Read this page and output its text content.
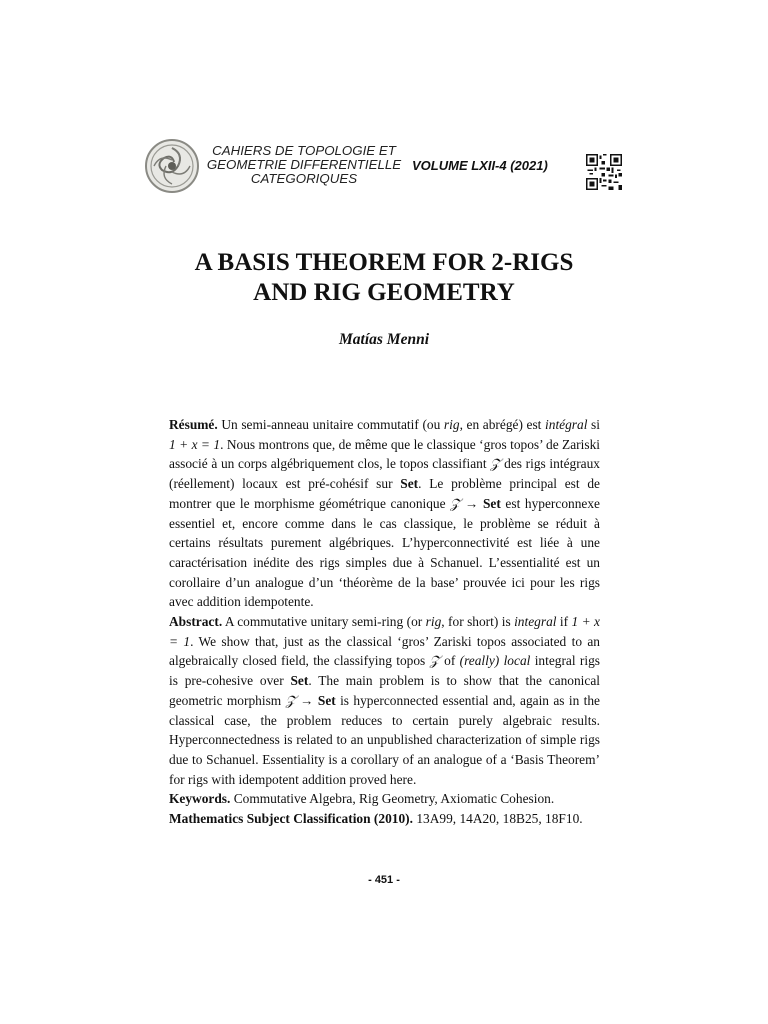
CAHIERS DE TOPOLOGIE ET
GEOMETRIE DIFFERENTIELLE
CATEGORIQUES
VOLUME LXII-4 (2021)
A BASIS THEOREM FOR 2-RIGS
AND RIG GEOMETRY
Matías Menni

Résumé. Un semi-anneau unitaire commutatif (ou rig, en abrégé) est intégral si 1 + x = 1. Nous montrons que, de même que le classique ‘gros topos’ de Zariski associé à un corps algébriquement clos, le topos classifiant 𝒵 des rigs intégraux (réellement) locaux est pré-cohésif sur Set. Le problème principal est de montrer que le morphisme géométrique canonique 𝒵 → Set est hyperconnexe essentiel et, encore comme dans le cas classique, le problème se réduit à certains résultats purement algébriques. L’hyperconnectivité est liée à une caractérisation inédite des rigs simples due à Schanuel. L’essentialité est un corollaire d’un analogue d’un ‘théorème de la base’ prouvée ici pour les rigs avec addition idempotente.

Abstract. A commutative unitary semi-ring (or rig, for short) is integral if 1 + x = 1. We show that, just as the classical ‘gros’ Zariski topos associated to an algebraically closed field, the classifying topos 𝒵 of (really) local integral rigs is pre-cohesive over Set. The main problem is to show that the canonical geometric morphism 𝒵 → Set is hyperconnected essential and, again as in the classical case, the problem reduces to certain purely algebraic results. Hyperconnectedness is related to an unpublished characterization of simple rigs due to Schanuel. Essentiality is a corollary of an analogue of a ‘Basis Theorem’ for rigs with idempotent addition proved here.

Keywords. Commutative Algebra, Rig Geometry, Axiomatic Cohesion.

Mathematics Subject Classification (2010). 13A99, 14A20, 18B25, 18F10.

- 451 -
